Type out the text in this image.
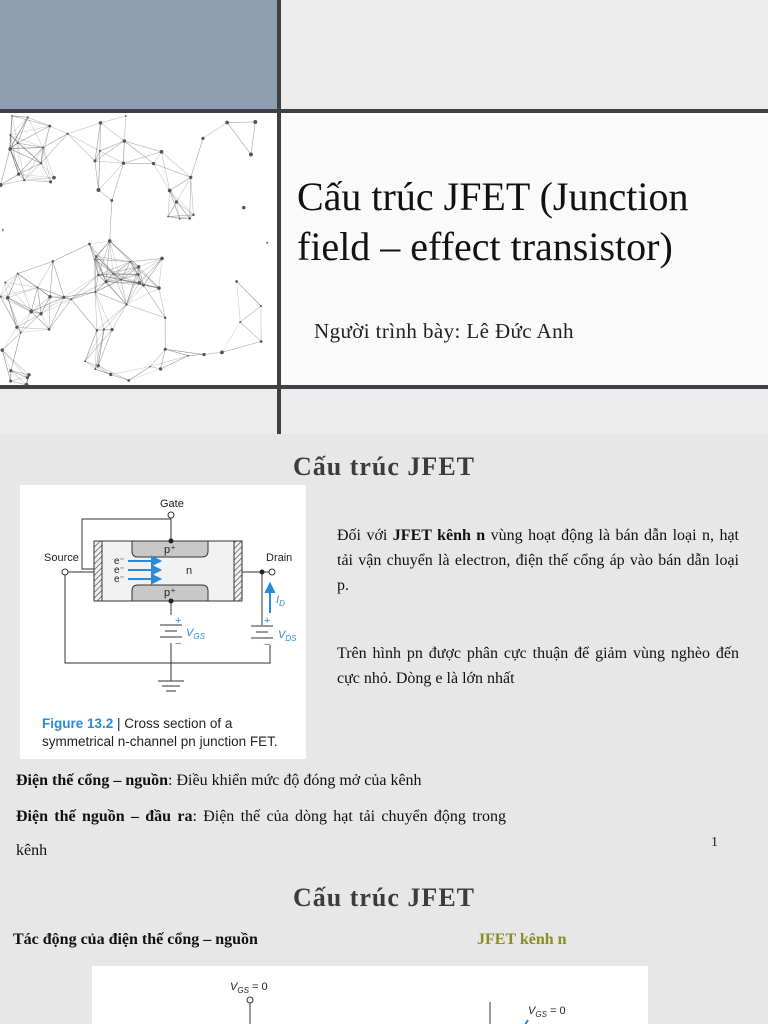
Cấu trúc JFET (Junction field – effect transistor)
Người trình bày: Lê Đức Anh
Cấu trúc JFET
Gate
Source	Drain
p⁺
p⁺
n
e⁻
e⁻
e⁻
$I_D$
$V_{GS}$	$V_{DS}$
+
−
+
−
Figure 13.2 | Cross section of a
symmetrical n-channel pn junction FET.
Đối với JFET kênh n vùng hoạt động là bán dẫn loại n, hạt tải vận chuyển là electron, điện thế cổng áp vào bán dẫn loại p.
Trên hình pn được phân cực thuận để giảm vùng nghèo đến cực nhỏ. Dòng e là lớn nhất
Điện thế cổng – nguồn: Điều khiển mức độ đóng mở của kênh
Điện thế nguồn – đầu ra: Điện thế của dòng hạt tải chuyển động trong kênh	1
Cấu trúc JFET
Tác động của điện thế cổng – nguồn	JFET kênh n
$V_{GS} = 0$
$V_{GS} = 0$
